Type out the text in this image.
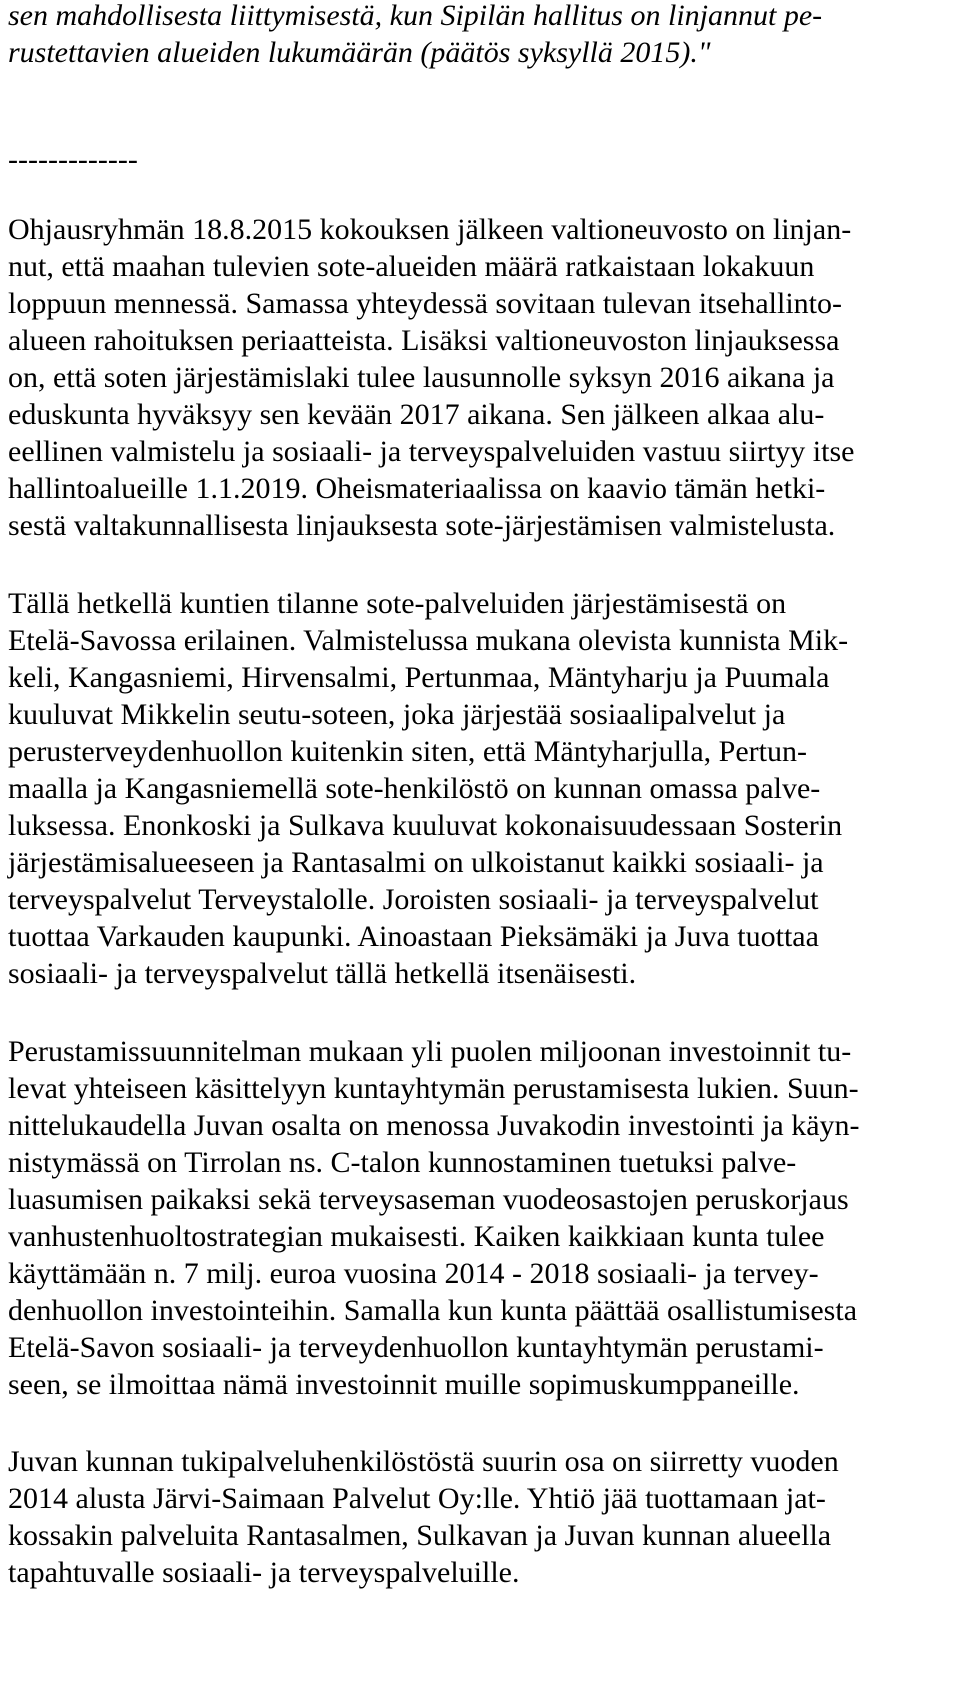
sen mahdollisesta liittymisestä, kun Sipilän hallitus on linjannut pe-
rustettavien alueiden lukumäärän (päätös syksyllä 2015)."
-------------
Ohjausryhmän 18.8.2015 kokouksen jälkeen valtioneuvosto on linjan-
nut, että maahan tulevien sote-alueiden määrä ratkaistaan lokakuun
loppuun mennessä. Samassa yhteydessä sovitaan tulevan itsehallinto-
alueen rahoituksen periaatteista. Lisäksi valtioneuvoston linjauksessa
on, että soten järjestämislaki tulee lausunnolle syksyn 2016 aikana ja
eduskunta hyväksyy sen kevään 2017 aikana. Sen jälkeen alkaa alu-
eellinen valmistelu ja sosiaali- ja terveyspalveluiden vastuu siirtyy itse
hallintoalueille 1.1.2019. Oheismateriaalissa on kaavio tämän hetki-
sestä valtakunnallisesta linjauksesta sote-järjestämisen valmistelusta.
Tällä hetkellä kuntien tilanne sote-palveluiden järjestämisestä on
Etelä-Savossa erilainen. Valmistelussa mukana olevista kunnista Mik-
keli, Kangasniemi, Hirvensalmi, Pertunmaa, Mäntyharju ja Puumala
kuuluvat Mikkelin seutu-soteen, joka järjestää sosiaalipalvelut ja
perusterveydenhuollon kuitenkin siten, että Mäntyharjulla, Pertun-
maalla ja Kangasniemellä sote-henkilöstö on kunnan omassa palve-
luksessa. Enonkoski ja Sulkava kuuluvat kokonaisuudessaan Sosterin
järjestämisalueeseen ja Rantasalmi on ulkoistanut kaikki sosiaali- ja
terveyspalvelut Terveystalolle. Joroisten sosiaali- ja terveyspalvelut
tuottaa Varkauden kaupunki. Ainoastaan Pieksämäki ja Juva tuottaa
sosiaali- ja terveyspalvelut tällä hetkellä itsenäisesti.
Perustamissuunnitelman mukaan yli puolen miljoonan investoinnit tu-
levat yhteiseen käsittelyyn kuntayhtymän perustamisesta lukien. Suun-
nittelukaudella Juvan osalta on menossa Juvakodin investointi ja käyn-
nistymässä on Tirrolan ns. C-talon kunnostaminen tuetuksi palve-
luasumisen paikaksi sekä terveysaseman vuodeosastojen peruskorjaus
vanhustenhuoltostrategian mukaisesti. Kaiken kaikkiaan kunta tulee
käyttämään n. 7 milj. euroa vuosina 2014 - 2018 sosiaali- ja tervey-
denhuollon investointeihin. Samalla kun kunta päättää osallistumisesta
Etelä-Savon sosiaali- ja terveydenhuollon kuntayhtymän perustami-
seen, se ilmoittaa nämä investoinnit muille sopimuskumppaneille.
Juvan kunnan tukipalveluhenkilöstöstä suurin osa on siirretty vuoden
2014 alusta Järvi-Saimaan Palvelut Oy:lle. Yhtiö jää tuottamaan jat-
kossakin palveluita Rantasalmen, Sulkavan ja Juvan kunnan alueella
tapahtuvalle sosiaali- ja terveyspalveluille.
